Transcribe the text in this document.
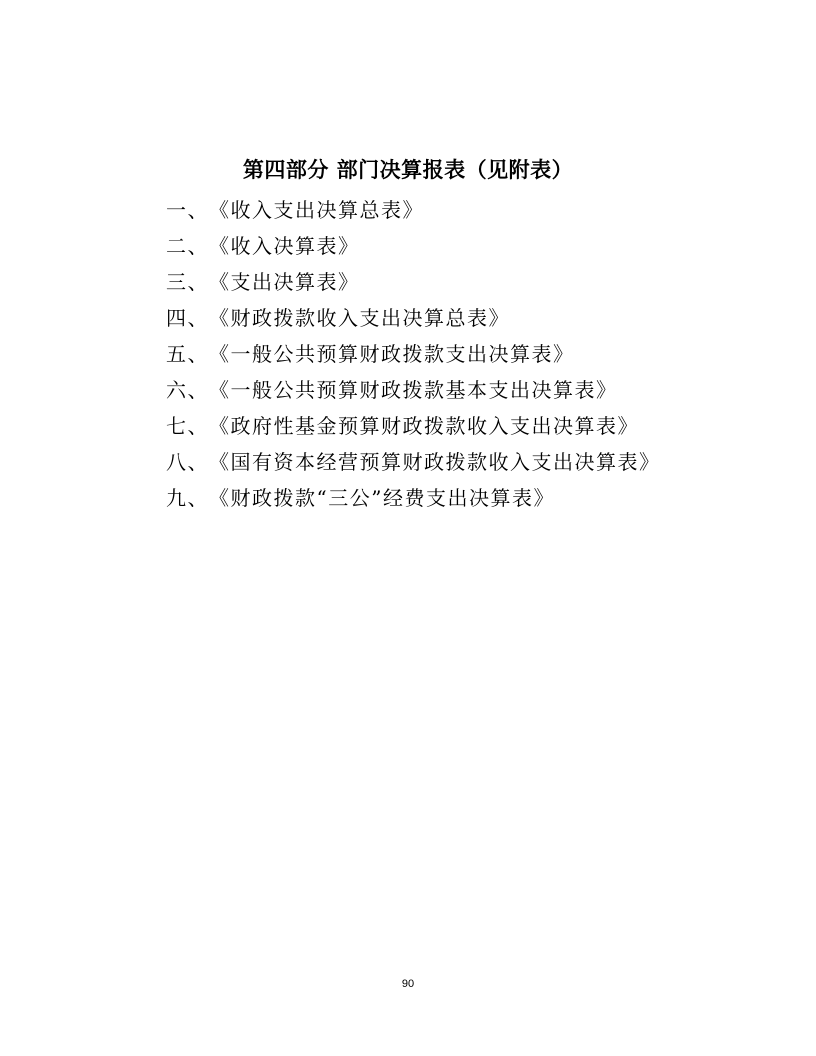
第四部分 部门决算报表（见附表）
一、《收入支出决算总表》
二、《收入决算表》
三、《支出决算表》
四、《财政拨款收入支出决算总表》
五、《一般公共预算财政拨款支出决算表》
六、《一般公共预算财政拨款基本支出决算表》
七、《政府性基金预算财政拨款收入支出决算表》
八、《国有资本经营预算财政拨款收入支出决算表》
九、《财政拨款“三公”经费支出决算表》
90
